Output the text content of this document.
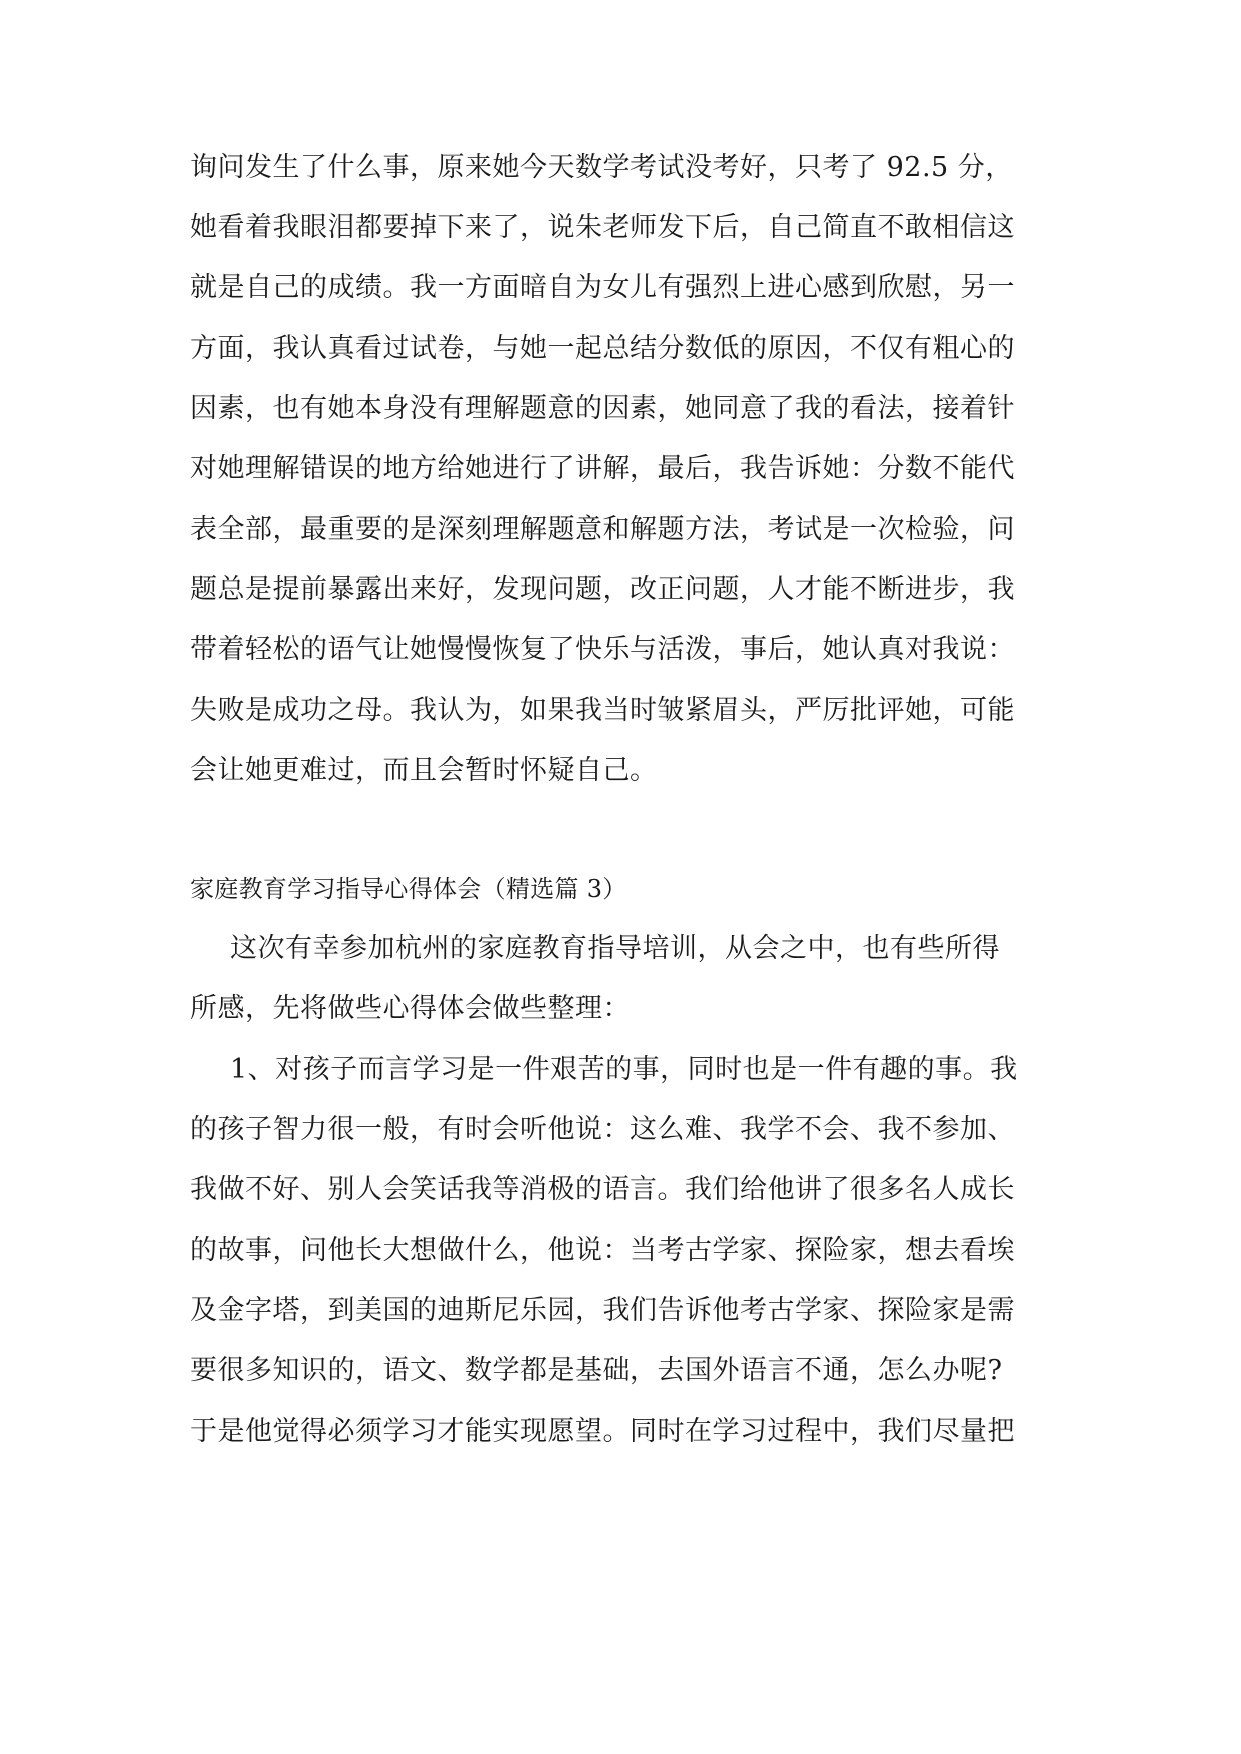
询问发生了什么事，原来她今天数学考试没考好，只考了 92.5 分，
她看着我眼泪都要掉下来了，说朱老师发下后，自己简直不敢相信这
就是自己的成绩。我一方面暗自为女儿有强烈上进心感到欣慰，另一
方面，我认真看过试卷，与她一起总结分数低的原因，不仅有粗心的
因素，也有她本身没有理解题意的因素，她同意了我的看法，接着针
对她理解错误的地方给她进行了讲解，最后，我告诉她：分数不能代
表全部，最重要的是深刻理解题意和解题方法，考试是一次检验，问
题总是提前暴露出来好，发现问题，改正问题，人才能不断进步，我
带着轻松的语气让她慢慢恢复了快乐与活泼，事后，她认真对我说：
失败是成功之母。我认为，如果我当时皱紧眉头，严厉批评她，可能
会让她更难过，而且会暂时怀疑自己。
家庭教育学习指导心得体会（精选篇 3）
这次有幸参加杭州的家庭教育指导培训，从会之中，也有些所得
所感，先将做些心得体会做些整理：
1、对孩子而言学习是一件艰苦的事，同时也是一件有趣的事。我
的孩子智力很一般，有时会听他说：这么难、我学不会、我不参加、
我做不好、别人会笑话我等消极的语言。我们给他讲了很多名人成长
的故事，问他长大想做什么，他说：当考古学家、探险家，想去看埃
及金字塔，到美国的迪斯尼乐园，我们告诉他考古学家、探险家是需
要很多知识的，语文、数学都是基础，去国外语言不通，怎么办呢?
于是他觉得必须学习才能实现愿望。同时在学习过程中，我们尽量把
